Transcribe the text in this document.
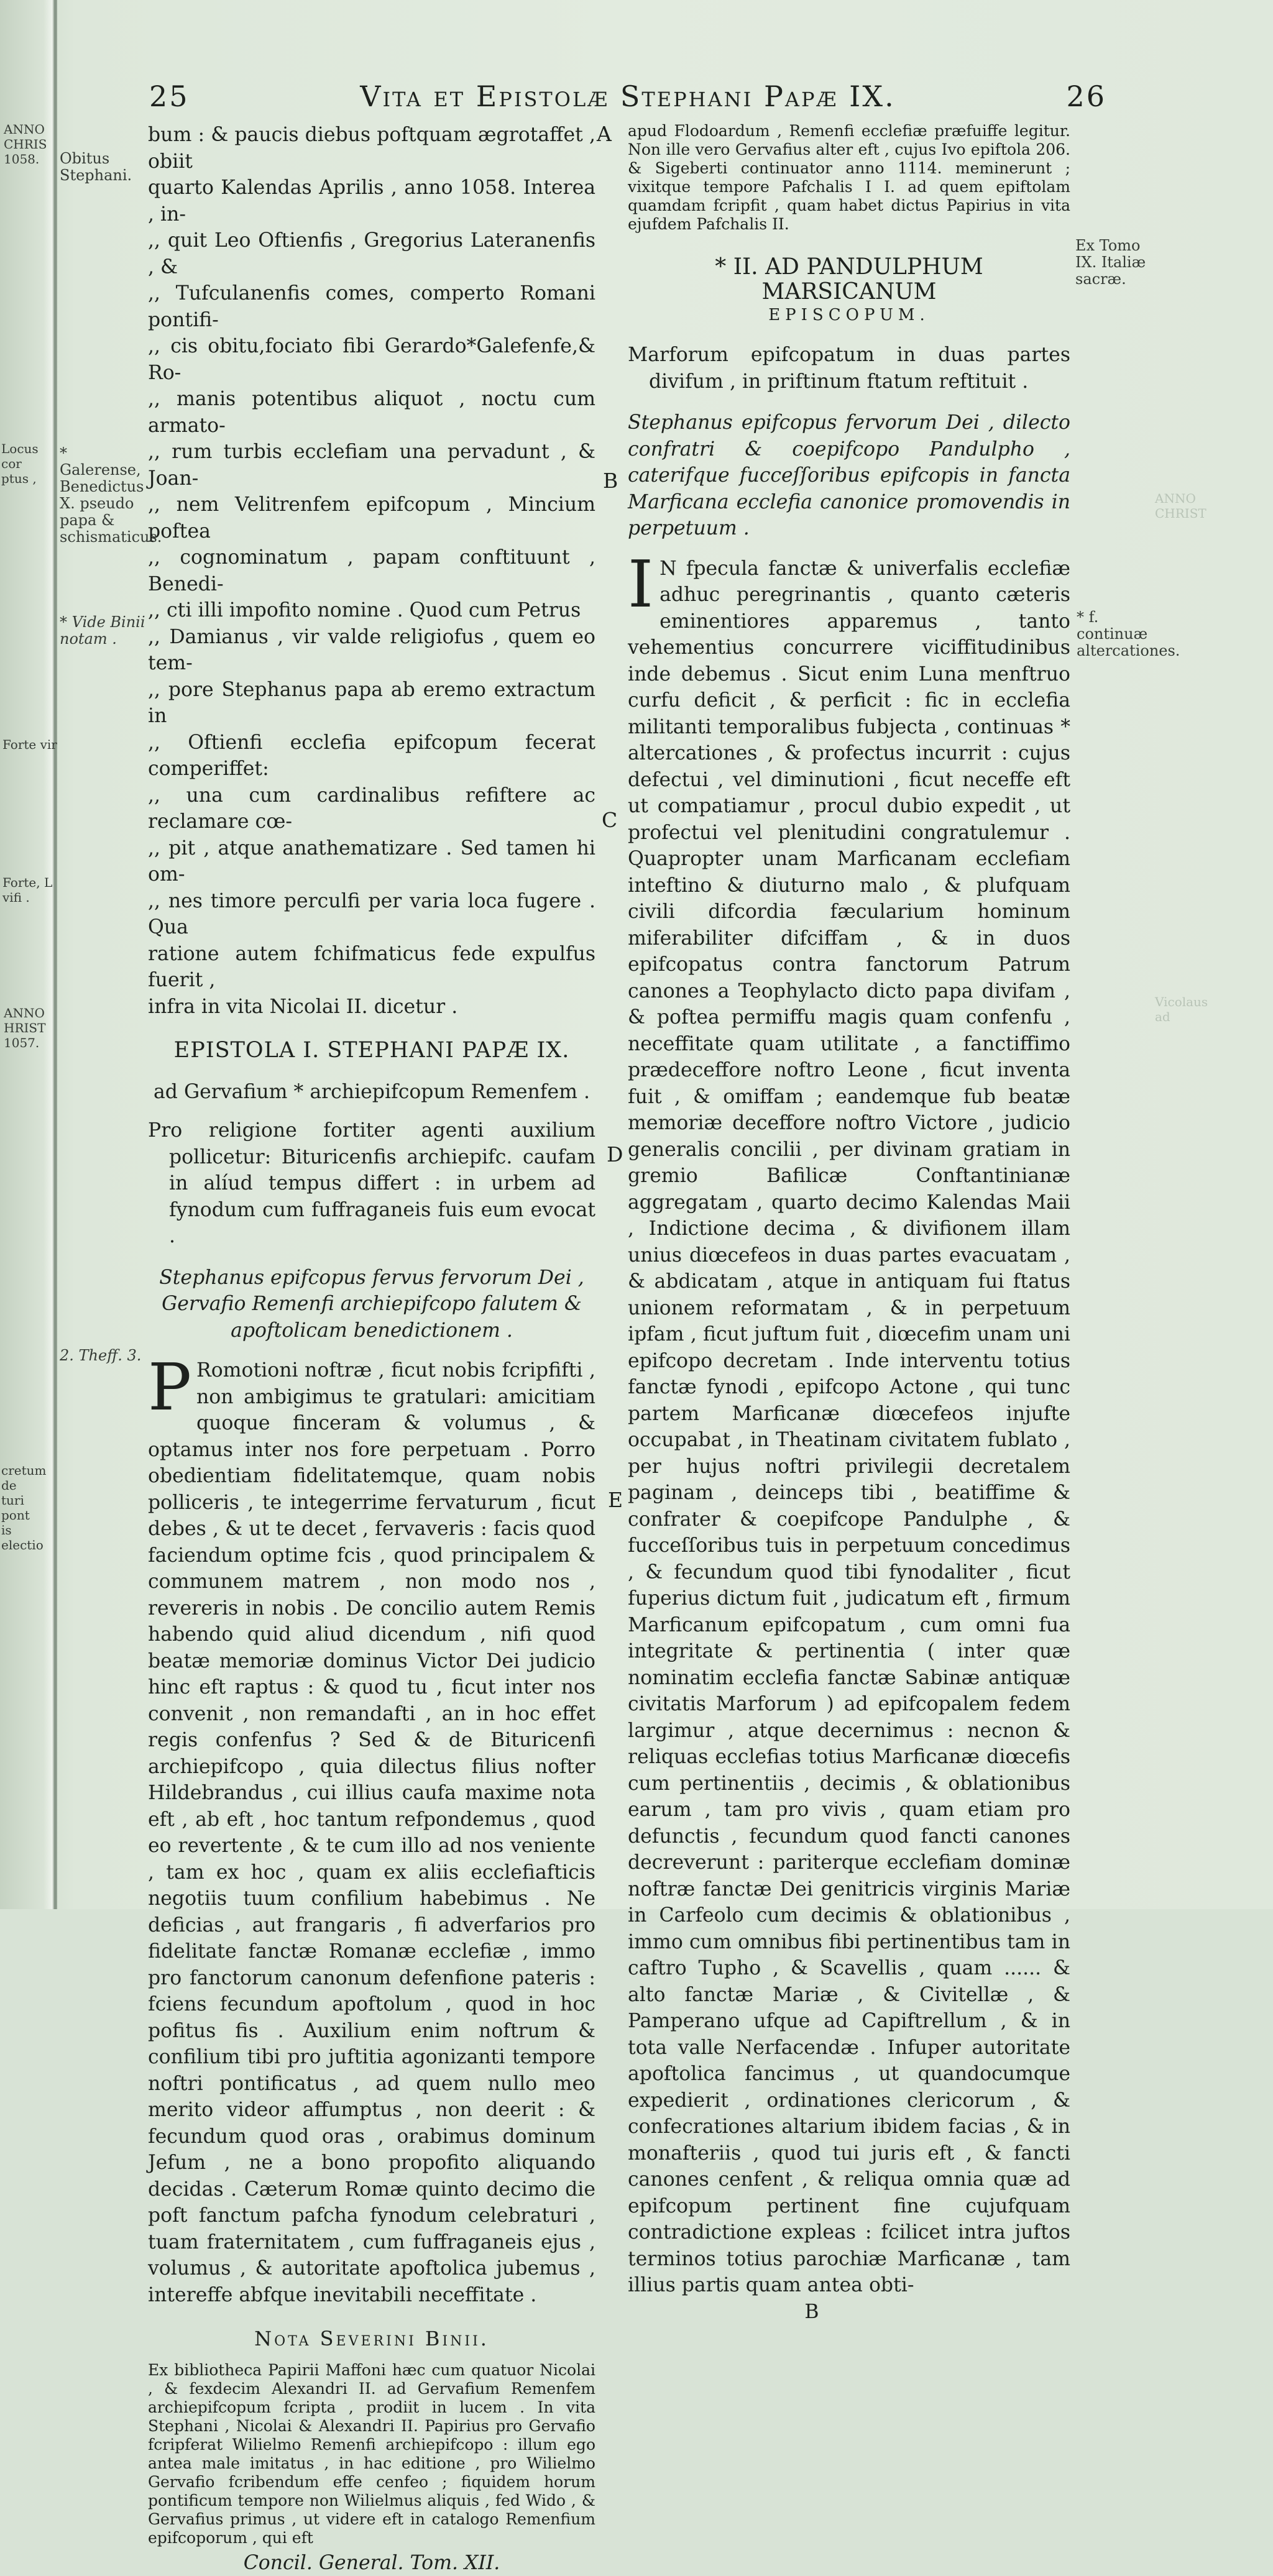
ANNO
CHRIS
1058.
Locus cor
ptus ,
Forte vir
Forte, L
vifi .
ANNO
HRIST
1057.
cretum de
turi pont
is electio
ANNO
CHRIST
Vicolaus
ad
25	Vita et Epistolæ Stephani Papæ IX.	26
Obitus Stephani.
* Galerense, Benedictus X. pseudo papa & schismaticus.
* Vide Binii notam .
2. Theff. 3.
Ex Tomo IX. Italiæ sacræ.
* f. continuæ altercationes.
A
B
C
D
E
bum : & paucis diebus poftquam ægrotaffet , obiit
quarto Kalendas Aprilis , anno 1058. Interea , in-
,, quit Leo Oftienfis , Gregorius Lateranenfis , &
,, Tufculanenfis comes, comperto Romani pontifi-
,, cis obitu,fociato fibi Gerardo*Galefenfe,& Ro-
,, manis potentibus aliquot , noctu cum armato-
,, rum turbis ecclefiam una pervadunt , & Joan-
,, nem Velitrenfem epifcopum , Mincium poftea
,, cognominatum , papam conftituunt , Benedi-
,, cti illi impofito nomine . Quod cum Petrus
,, Damianus , vir valde religiofus , quem eo tem-
,, pore Stephanus papa ab eremo extractum in
,, Oftienfi ecclefia epifcopum fecerat comperiffet:
,, una cum cardinalibus refiftere ac reclamare cœ-
,, pit , atque anathematizare . Sed tamen hi om-
,, nes timore perculfi per varia loca fugere . Qua
ratione autem fchifmaticus fede expulfus fuerit ,
infra in vita Nicolai II. dicetur .
EPISTOLA I. STEPHANI PAPÆ IX.

ad Gervafium * archiepifcopum Remenfem .

Pro religione fortiter agenti auxilium pollicetur: Bituricenfis archiepifc. caufam in alíud tempus differt : in urbem ad fynodum cum fuffraganeis fuis eum evocat .

Stephanus epifcopus fervus fervorum Dei , Gervafio Remenfi archiepifcopo falutem & apoftolicam benedictionem .

P Romotioni noftræ , ficut nobis fcripfifti , non ambigimus te gratulari: amicitiam quoque finceram & volumus , & optamus inter nos fore perpetuam . Porro obedientiam fidelitatemque, quam nobis polliceris , te integerrime fervaturum , ficut debes , & ut te decet , fervaveris : facis quod faciendum optime fcis , quod principalem & communem matrem , non modo nos , revereris in nobis . De concilio autem Remis habendo quid aliud dicendum , nifi quod beatæ memoriæ dominus Victor Dei judicio hinc eft raptus : & quod tu , ficut inter nos convenit , non remandafti , an in hoc effet regis confenfus ? Sed & de Bituricenfi archiepifcopo , quia dilectus filius nofter Hildebrandus , cui illius caufa maxime nota eft , ab eft , hoc tantum refpondemus , quod eo revertente , & te cum illo ad nos veniente , tam ex hoc , quam ex aliis ecclefiafticis negotiis tuum confilium habebimus . Ne deficias , aut frangaris , fi adverfarios pro fidelitate fanctæ Romanæ ecclefiæ , immo pro fanctorum canonum defenfione pateris : fciens fecundum apoftolum , quod in hoc pofitus fis . Auxilium enim noftrum & confilium tibi pro juftitia agonizanti tempore noftri pontificatus , ad quem nullo meo merito videor affumptus , non deerit : & fecundum quod oras , orabimus dominum Jefum , ne a bono propofito aliquando decidas . Cæterum Romæ quinto decimo die poft fanctum pafcha fynodum celebraturi , tuam fraternitatem , cum fuffraganeis ejus , volumus , & autoritate apoftolica jubemus , intereffe abfque inevitabili neceffitate .

Nota Severini Binii.

Ex bibliotheca Papirii Maffoni hæc cum quatuor Nicolai , & fexdecim Alexandri II. ad Gervafium Remenfem archiepifcopum fcripta , prodiit in lucem . In vita Stephani , Nicolai & Alexandri II. Papirius pro Gervafio fcripferat Wilielmo Remenfi archiepifcopo : illum ego antea male imitatus , in hac editione , pro Wilielmo Gervafio fcribendum effe cenfeo ; fiquidem horum pontificum tempore non Wilielmus aliquis , fed Wido , & Gervafius primus , ut videre eft in catalogo Remenfium epifcoporum , qui eft

Concil. General. Tom. XII.

apud Flodoardum , Remenfi ecclefiæ præfuiffe legitur. Non ille vero Gervafius alter eft , cujus Ivo epiftola 206. & Sigeberti continuator anno 1114. meminerunt ; vixitque tempore Pafchalis I I. ad quem epiftolam quamdam fcripfit , quam habet dictus Papirius in vita ejufdem Pafchalis II.

* II. AD PANDULPHUM MARSICANUM
EPISCOPUM.

Marforum epifcopatum in duas partes divifum , in priftinum ftatum reftituit .

Stephanus epifcopus fervorum Dei , dilecto confratri & coepifcopo Pandulpho , caterifque fucceſſoribus epifcopis in fancta Marficana ecclefia canonice promovendis in perpetuum .

I N fpecula fanctæ & univerfalis ecclefiæ adhuc peregrinantis , quanto cæteris eminentiores apparemus , tanto vehementius concurrere viciffitudinibus inde debemus . Sicut enim Luna menftruo curfu deficit , & perficit : fic in ecclefia militanti temporalibus fubjecta , continuas * altercationes , & profectus incurrit : cujus defectui , vel diminutioni , ficut neceffe eft ut compatiamur , procul dubio expedit , ut profectui vel plenitudini congratulemur . Quapropter unam Marficanam ecclefiam inteftino & diuturno malo , & plufquam civili difcordia fæcularium hominum miferabiliter difciffam , & in duos epifcopatus contra fanctorum Patrum canones a Teophylacto dicto papa divifam , & poftea permiffu magis quam confenfu , neceffitate quam utilitate , a fanctiffimo prædeceffore noftro Leone , ficut inventa fuit , & omiffam ; eandemque fub beatæ memoriæ deceffore noftro Victore , judicio generalis concilii , per divinam gratiam in gremio Bafilicæ Conftantinianæ aggregatam , quarto decimo Kalendas Maii , Indictione decima , & divifionem illam unius diœcefeos in duas partes evacuatam , & abdicatam , atque in antiquam fui ftatus unionem reformatam , & in perpetuum ipfam , ficut juftum fuit , diœcefim unam uni epifcopo decretam . Inde interventu totius fanctæ fynodi , epifcopo Actone , qui tunc partem Marficanæ diœcefeos injufte occupabat , in Theatinam civitatem fublato , per hujus noftri privilegii decretalem paginam , deinceps tibi , beatiffime & confrater & coepifcope Pandulphe , & fucceſſoribus tuis in perpetuum concedimus , & fecundum quod tibi fynodaliter , ficut fuperius dictum fuit , judicatum eft , firmum Marficanum epifcopatum , cum omni fua integritate & pertinentia ( inter quæ nominatim ecclefia fanctæ Sabinæ antiquæ civitatis Marforum ) ad epifcopalem fedem largimur , atque decernimus : necnon & reliquas ecclefias totius Marficanæ diœcefis cum pertinentiis , decimis , & oblationibus earum , tam pro vivis , quam etiam pro defunctis , fecundum quod fancti canones decreverunt : pariterque ecclefiam dominæ noftræ fanctæ Dei genitricis virginis Mariæ in Carfeolo cum decimis & oblationibus , immo cum omnibus fibi pertinentibus tam in caftro Tupho , & Scavellis , quam ...... & alto fanctæ Mariæ , & Civitellæ , & Pamperano ufque ad Capiftrellum , & in tota valle Nerfacendæ . Infuper autoritate apoftolica fancimus , ut quandocumque expedierit , ordinationes clericorum , & confecrationes altarium ibidem facias , & in monafteriis , quod tui juris eft , & fancti canones cenfent , & reliqua omnia quæ ad epifcopum pertinent fine cujufquam contradictione expleas : fcilicet intra juftos terminos totius parochiæ Marficanæ , tam illius partis quam antea obti-

B
